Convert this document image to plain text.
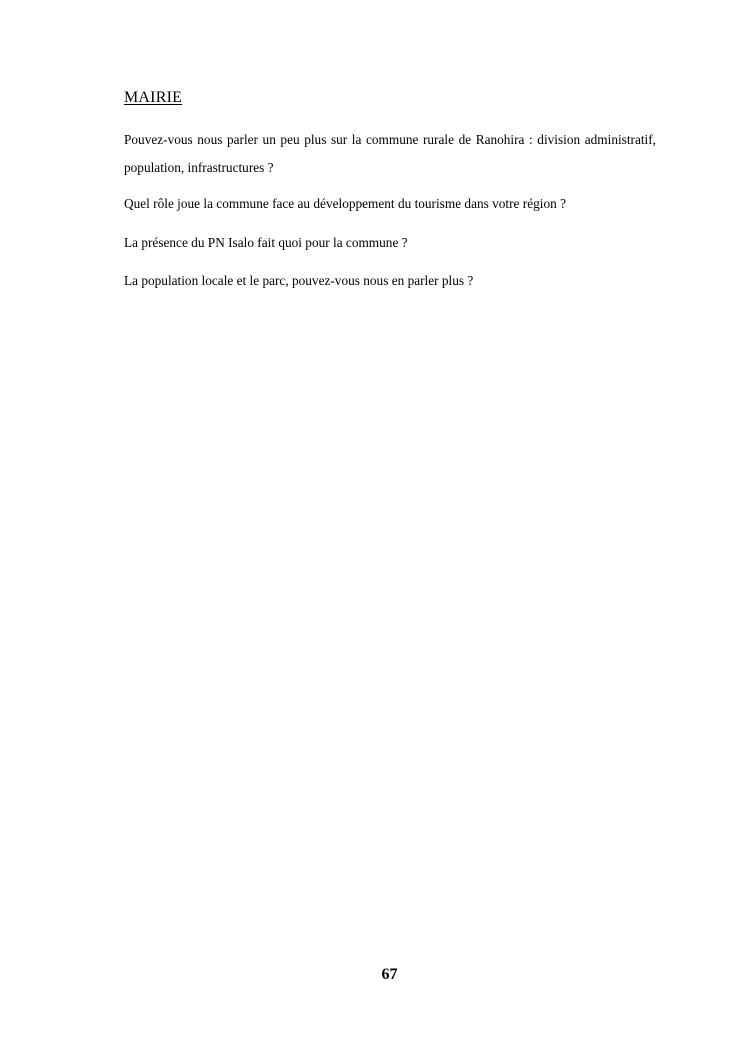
MAIRIE

Pouvez-vous nous parler un peu plus sur la commune rurale de Ranohira : division administratif, population, infrastructures ?

Quel rôle joue la commune face au développement du tourisme dans votre région ?

La présence du PN Isalo fait quoi pour la commune ?

La population locale et le parc, pouvez-vous nous en parler plus ?

67
